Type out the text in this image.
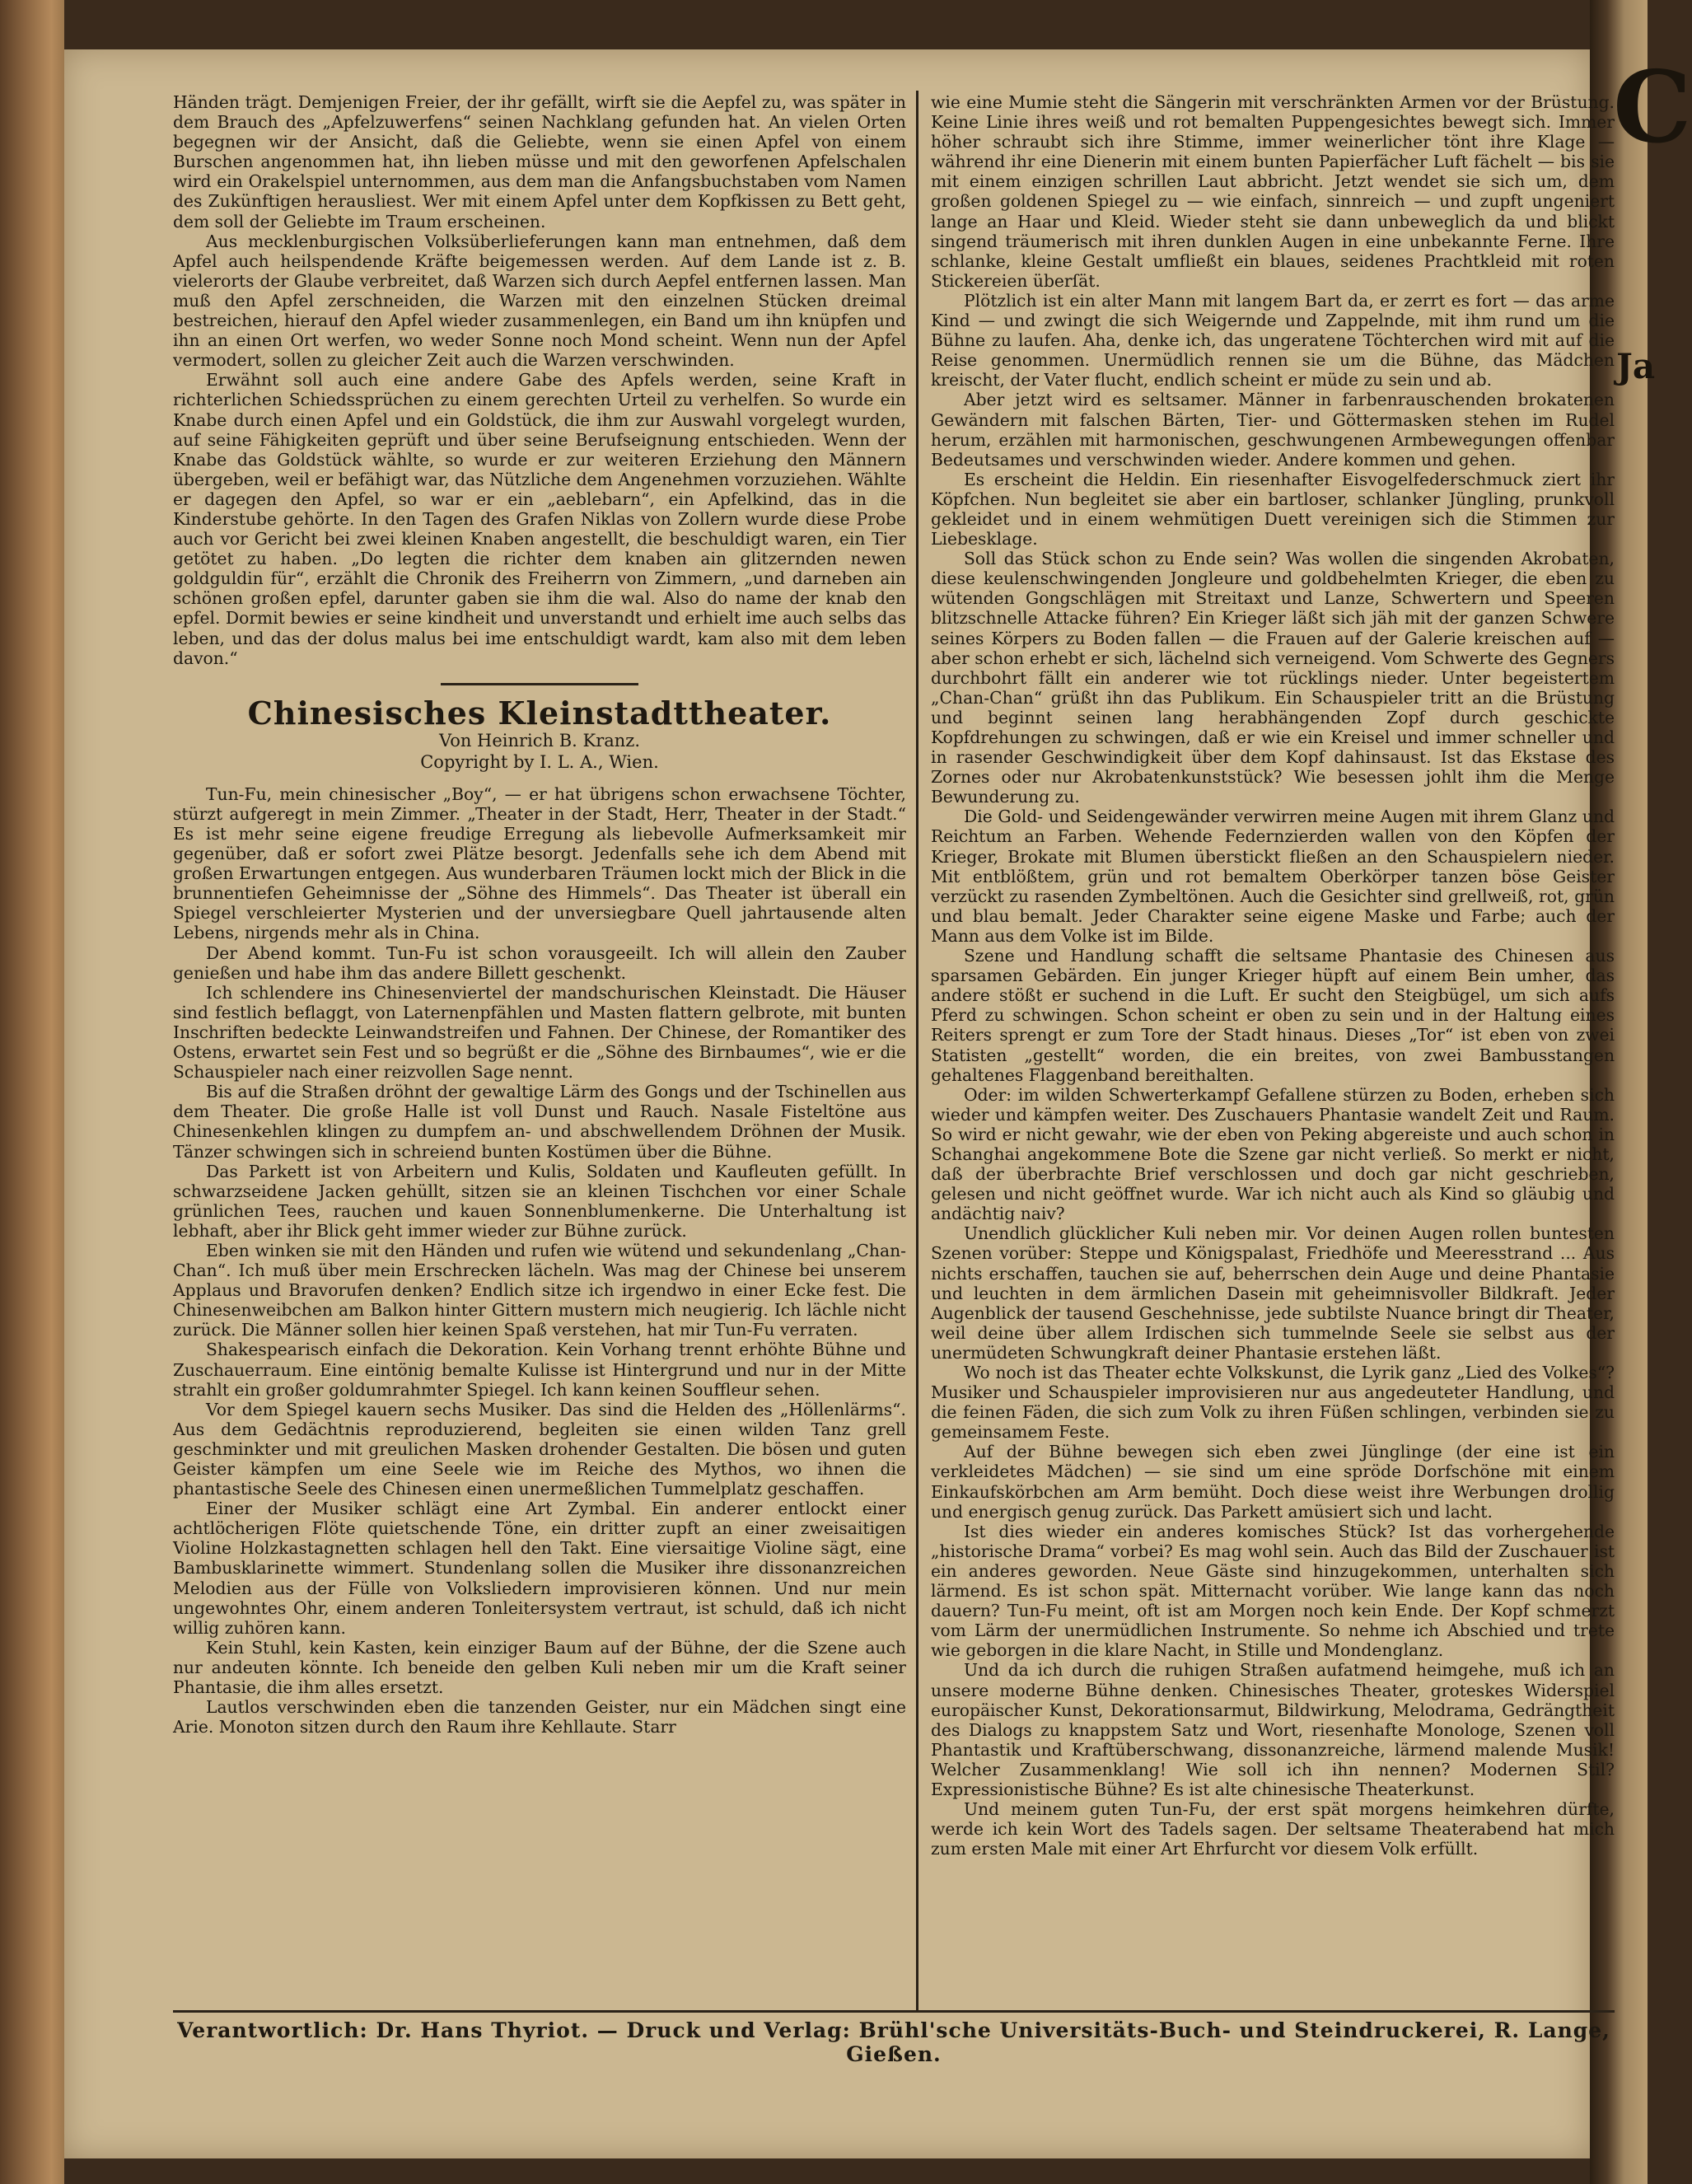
C
Ja

Händen trägt. Demjenigen Freier, der ihr gefällt, wirft sie die Aepfel zu, was später in dem Brauch des „Apfelzuwerfens“ seinen Nachklang gefunden hat. An vielen Orten begegnen wir der Ansicht, daß die Geliebte, wenn sie einen Apfel von einem Burschen angenommen hat, ihn lieben müsse und mit den geworfenen Apfelschalen wird ein Orakelspiel unternommen, aus dem man die Anfangsbuchstaben vom Namen des Zukünftigen herausliest. Wer mit einem Apfel unter dem Kopfkissen zu Bett geht, dem soll der Geliebte im Traum erscheinen.

Aus mecklenburgischen Volksüberlieferungen kann man entnehmen, daß dem Apfel auch heilspendende Kräfte beigemessen werden. Auf dem Lande ist z. B. vielerorts der Glaube verbreitet, daß Warzen sich durch Aepfel entfernen lassen. Man muß den Apfel zerschneiden, die Warzen mit den einzelnen Stücken dreimal bestreichen, hierauf den Apfel wieder zusammenlegen, ein Band um ihn knüpfen und ihn an einen Ort werfen, wo weder Sonne noch Mond scheint. Wenn nun der Apfel vermodert, sollen zu gleicher Zeit auch die Warzen verschwinden.

Erwähnt soll auch eine andere Gabe des Apfels werden, seine Kraft in richterlichen Schiedssprüchen zu einem gerechten Urteil zu verhelfen. So wurde ein Knabe durch einen Apfel und ein Goldstück, die ihm zur Auswahl vorgelegt wurden, auf seine Fähigkeiten geprüft und über seine Berufseignung entschieden. Wenn der Knabe das Goldstück wählte, so wurde er zur weiteren Erziehung den Männern übergeben, weil er befähigt war, das Nützliche dem Angenehmen vorzuziehen. Wählte er dagegen den Apfel, so war er ein „aeblebarn“, ein Apfelkind, das in die Kinderstube gehörte. In den Tagen des Grafen Niklas von Zollern wurde diese Probe auch vor Gericht bei zwei kleinen Knaben angestellt, die beschuldigt waren, ein Tier getötet zu haben. „Do legten die richter dem knaben ain glitzernden newen goldguldin für“, erzählt die Chronik des Freiherrn von Zimmern, „und darneben ain schönen großen epfel, darunter gaben sie ihm die wal. Also do name der knab den epfel. Dormit bewies er seine kindheit und unverstandt und erhielt ime auch selbs das leben, und das der dolus malus bei ime entschuldigt wardt, kam also mit dem leben davon.“

Chinesisches Kleinstadttheater.
Von Heinrich B. Kranz.
Copyright by I. L. A., Wien.

Tun-Fu, mein chinesischer „Boy“, — er hat übrigens schon erwachsene Töchter, stürzt aufgeregt in mein Zimmer. „Theater in der Stadt, Herr, Theater in der Stadt.“ Es ist mehr seine eigene freudige Erregung als liebevolle Aufmerksamkeit mir gegenüber, daß er sofort zwei Plätze besorgt. Jedenfalls sehe ich dem Abend mit großen Erwartungen entgegen. Aus wunderbaren Träumen lockt mich der Blick in die brunnentiefen Geheimnisse der „Söhne des Himmels“. Das Theater ist überall ein Spiegel verschleierter Mysterien und der unversiegbare Quell jahrtausende alten Lebens, nirgends mehr als in China.

Der Abend kommt. Tun-Fu ist schon vorausgeeilt. Ich will allein den Zauber genießen und habe ihm das andere Billett geschenkt.

Ich schlendere ins Chinesenviertel der mandschurischen Kleinstadt. Die Häuser sind festlich beflaggt, von Laternenpfählen und Masten flattern gelbrote, mit bunten Inschriften bedeckte Leinwandstreifen und Fahnen. Der Chinese, der Romantiker des Ostens, erwartet sein Fest und so begrüßt er die „Söhne des Birnbaumes“, wie er die Schauspieler nach einer reizvollen Sage nennt.

Bis auf die Straßen dröhnt der gewaltige Lärm des Gongs und der Tschinellen aus dem Theater. Die große Halle ist voll Dunst und Rauch. Nasale Fisteltöne aus Chinesenkehlen klingen zu dumpfem an- und abschwellendem Dröhnen der Musik. Tänzer schwingen sich in schreiend bunten Kostümen über die Bühne.

Das Parkett ist von Arbeitern und Kulis, Soldaten und Kaufleuten gefüllt. In schwarzseidene Jacken gehüllt, sitzen sie an kleinen Tischchen vor einer Schale grünlichen Tees, rauchen und kauen Sonnenblumenkerne. Die Unterhaltung ist lebhaft, aber ihr Blick geht immer wieder zur Bühne zurück.

Eben winken sie mit den Händen und rufen wie wütend und sekundenlang „Chan-Chan“. Ich muß über mein Erschrecken lächeln. Was mag der Chinese bei unserem Applaus und Bravorufen denken? Endlich sitze ich irgendwo in einer Ecke fest. Die Chinesenweibchen am Balkon hinter Gittern mustern mich neugierig. Ich lächle nicht zurück. Die Männer sollen hier keinen Spaß verstehen, hat mir Tun-Fu verraten.

Shakespearisch einfach die Dekoration. Kein Vorhang trennt erhöhte Bühne und Zuschauerraum. Eine eintönig bemalte Kulisse ist Hintergrund und nur in der Mitte strahlt ein großer goldumrahmter Spiegel. Ich kann keinen Souffleur sehen.

Vor dem Spiegel kauern sechs Musiker. Das sind die Helden des „Höllenlärms“. Aus dem Gedächtnis reproduzierend, begleiten sie einen wilden Tanz grell geschminkter und mit greulichen Masken drohender Gestalten. Die bösen und guten Geister kämpfen um eine Seele wie im Reiche des Mythos, wo ihnen die phantastische Seele des Chinesen einen unermeßlichen Tummelplatz geschaffen.

Einer der Musiker schlägt eine Art Zymbal. Ein anderer entlockt einer achtlöcherigen Flöte quietschende Töne, ein dritter zupft an einer zweisaitigen Violine Holzkastagnetten schlagen hell den Takt. Eine viersaitige Violine sägt, eine Bambusklarinette wimmert. Stundenlang sollen die Musiker ihre dissonanzreichen Melodien aus der Fülle von Volksliedern improvisieren können. Und nur mein ungewohntes Ohr, einem anderen Tonleitersystem vertraut, ist schuld, daß ich nicht willig zuhören kann.

Kein Stuhl, kein Kasten, kein einziger Baum auf der Bühne, der die Szene auch nur andeuten könnte. Ich beneide den gelben Kuli neben mir um die Kraft seiner Phantasie, die ihm alles ersetzt.

Lautlos verschwinden eben die tanzenden Geister, nur ein Mädchen singt eine Arie. Monoton sitzen durch den Raum ihre Kehllaute. Starr

wie eine Mumie steht die Sängerin mit verschränkten Armen vor der Brüstung. Keine Linie ihres weiß und rot bemalten Puppengesichtes bewegt sich. Immer höher schraubt sich ihre Stimme, immer weinerlicher tönt ihre Klage — während ihr eine Dienerin mit einem bunten Papierfächer Luft fächelt — bis sie mit einem einzigen schrillen Laut abbricht. Jetzt wendet sie sich um, dem großen goldenen Spiegel zu — wie einfach, sinnreich — und zupft ungeniert lange an Haar und Kleid. Wieder steht sie dann unbeweglich da und blickt singend träumerisch mit ihren dunklen Augen in eine unbekannte Ferne. Ihre schlanke, kleine Gestalt umfließt ein blaues, seidenes Prachtkleid mit roten Stickereien überſät.

Plötzlich ist ein alter Mann mit langem Bart da, er zerrt es fort — das arme Kind — und zwingt die sich Weigernde und Zappelnde, mit ihm rund um die Bühne zu laufen. Aha, denke ich, das ungeratene Töchterchen wird mit auf die Reise genommen. Unermüdlich rennen sie um die Bühne, das Mädchen kreischt, der Vater flucht, endlich scheint er müde zu sein und ab.

Aber jetzt wird es seltsamer. Männer in farbenrauschenden brokatenen Gewändern mit falschen Bärten, Tier- und Göttermasken stehen im Rudel herum, erzählen mit harmonischen, geschwungenen Armbewegungen offenbar Bedeutsames und verschwinden wieder. Andere kommen und gehen.

Es erscheint die Heldin. Ein riesenhafter Eisvogelfederschmuck ziert ihr Köpfchen. Nun begleitet sie aber ein bartloser, schlanker Jüngling, prunkvoll gekleidet und in einem wehmütigen Duett vereinigen sich die Stimmen zur Liebesklage.

Soll das Stück schon zu Ende sein? Was wollen die singenden Akrobaten, diese keulenschwingenden Jongleure und goldbehelmten Krieger, die eben zu wütenden Gongschlägen mit Streitaxt und Lanze, Schwertern und Speeren blitzschnelle Attacke führen? Ein Krieger läßt sich jäh mit der ganzen Schwere seines Körpers zu Boden fallen — die Frauen auf der Galerie kreischen auf — aber schon erhebt er sich, lächelnd sich verneigend. Vom Schwerte des Gegners durchbohrt fällt ein anderer wie tot rücklings nieder. Unter begeistertem „Chan-Chan“ grüßt ihn das Publikum. Ein Schauspieler tritt an die Brüstung und beginnt seinen lang herabhängenden Zopf durch geschickte Kopfdrehungen zu schwingen, daß er wie ein Kreisel und immer schneller und in rasender Geschwindigkeit über dem Kopf dahinsaust. Ist das Ekstase des Zornes oder nur Akrobatenkunststück? Wie besessen johlt ihm die Menge Bewunderung zu.

Die Gold- und Seidengewänder verwirren meine Augen mit ihrem Glanz und Reichtum an Farben. Wehende Federnzierden wallen von den Köpfen der Krieger, Brokate mit Blumen überstickt fließen an den Schauspielern nieder. Mit entblößtem, grün und rot bemaltem Oberkörper tanzen böse Geister verzückt zu rasenden Zymbeltönen. Auch die Gesichter sind grellweiß, rot, grün und blau bemalt. Jeder Charakter seine eigene Maske und Farbe; auch der Mann aus dem Volke ist im Bilde.

Szene und Handlung schafft die seltsame Phantasie des Chinesen aus sparsamen Gebärden. Ein junger Krieger hüpft auf einem Bein umher, das andere stößt er suchend in die Luft. Er sucht den Steigbügel, um sich aufs Pferd zu schwingen. Schon scheint er oben zu sein und in der Haltung eines Reiters sprengt er zum Tore der Stadt hinaus. Dieses „Tor“ ist eben von zwei Statisten „gestellt“ worden, die ein breites, von zwei Bambusstangen gehaltenes Flaggenband bereithalten.

Oder: im wilden Schwerterkampf Gefallene stürzen zu Boden, erheben sich wieder und kämpfen weiter. Des Zuschauers Phantasie wandelt Zeit und Raum. So wird er nicht gewahr, wie der eben von Peking abgereiste und auch schon in Schanghai angekommene Bote die Szene gar nicht verließ. So merkt er nicht, daß der überbrachte Brief verschlossen und doch gar nicht geschrieben, gelesen und nicht geöffnet wurde. War ich nicht auch als Kind so gläubig und andächtig naiv?

Unendlich glücklicher Kuli neben mir. Vor deinen Augen rollen buntesten Szenen vorüber: Steppe und Königspalast, Friedhöfe und Meeresstrand ... Aus nichts erschaffen, tauchen sie auf, beherrschen dein Auge und deine Phantasie und leuchten in dem ärmlichen Dasein mit geheimnisvoller Bildkraft. Jeder Augenblick der tausend Geschehnisse, jede subtilste Nuance bringt dir Theater, weil deine über allem Irdischen sich tummelnde Seele sie selbst aus der unermüdeten Schwungkraft deiner Phantasie erstehen läßt.

Wo noch ist das Theater echte Volkskunst, die Lyrik ganz „Lied des Volkes“? Musiker und Schauspieler improvisieren nur aus angedeuteter Handlung, und die feinen Fäden, die sich zum Volk zu ihren Füßen schlingen, verbinden sie zu gemeinsamem Feste.

Auf der Bühne bewegen sich eben zwei Jünglinge (der eine ist ein verkleidetes Mädchen) — sie sind um eine spröde Dorfschöne mit einem Einkaufskörbchen am Arm bemüht. Doch diese weist ihre Werbungen drollig und energisch genug zurück. Das Parkett amüsiert sich und lacht.

Ist dies wieder ein anderes komisches Stück? Ist das vorhergehende „historische Drama“ vorbei? Es mag wohl sein. Auch das Bild der Zuschauer ist ein anderes geworden. Neue Gäste sind hinzugekommen, unterhalten sich lärmend. Es ist schon spät. Mitternacht vorüber. Wie lange kann das noch dauern? Tun-Fu meint, oft ist am Morgen noch kein Ende. Der Kopf schmerzt vom Lärm der unermüdlichen Instrumente. So nehme ich Abschied und trete wie geborgen in die klare Nacht, in Stille und Mondenglanz.

Und da ich durch die ruhigen Straßen aufatmend heimgehe, muß ich an unsere moderne Bühne denken. Chinesisches Theater, groteskes Widerspiel europäischer Kunst, Dekorationsarmut, Bildwirkung, Melodrama, Gedrängtheit des Dialogs zu knappstem Satz und Wort, riesenhafte Monologe, Szenen voll Phantastik und Kraftüberschwang, dissonanzreiche, lärmend malende Musik! Welcher Zusammenklang! Wie soll ich ihn nennen? Modernen Stil? Expressionistische Bühne? Es ist alte chinesische Theaterkunst.

Und meinem guten Tun-Fu, der erst spät morgens heimkehren dürfte, werde ich kein Wort des Tadels sagen. Der seltsame Theaterabend hat mich zum ersten Male mit einer Art Ehrfurcht vor diesem Volk erfüllt.

Verantwortlich: Dr. Hans Thyriot. — Druck und Verlag: Brühl'sche Universitäts-Buch- und Steindruckerei, R. Lange, Gießen.
